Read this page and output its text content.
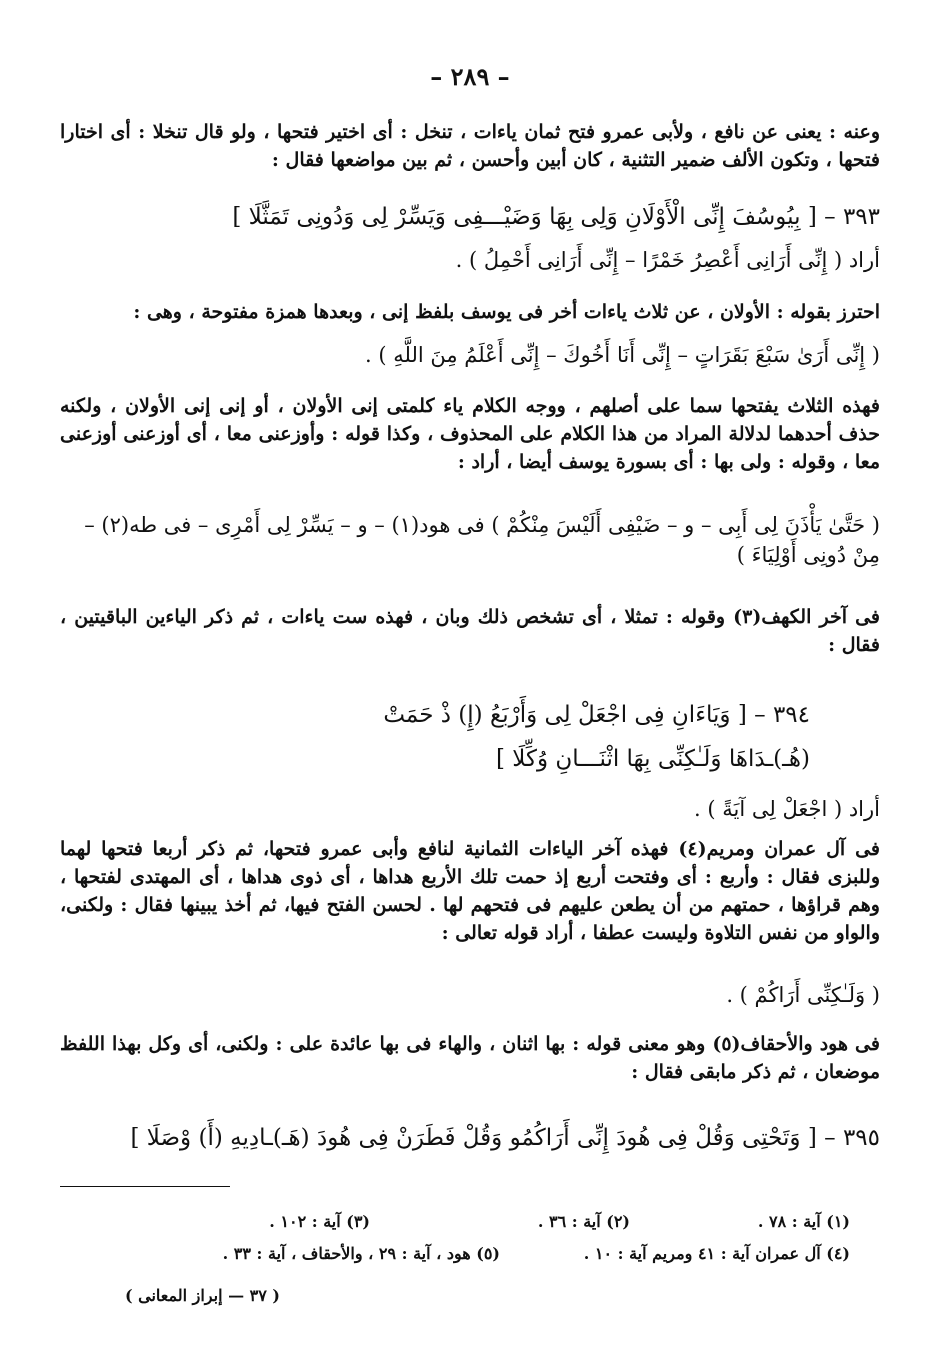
– ٢٨٩ –

وعنه : يعنى عن نافع ، ولأبى عمرو فتح ثمان ياءات ، تنخل : أى اختير فتحها ، ولو قال تنخلا : أى اختارا فتحها ، وتكون الألف ضمير التثنية ، كان أبين وأحسن ، ثم بين مواضعها فقال :

٣٩٣ – [ بِيُوسُفَ إِنِّى الْأَوْلَانِ وَلِى بِهَا وَضَيْـــفِى وَيَسِّرْ لِى وَدُونِى تَمَثَّلَا ]

أراد ( إِنِّى أَرَانِى أَعْصِرُ خَمْرًا – إِنِّى أَرَانِى أَحْمِلُ ) .

احترز بقوله : الأولان ، عن ثلاث ياءات أخر فى يوسف بلفظ إنى ، وبعدها همزة مفتوحة ، وهى :

( إِنِّى أَرَىٰ سَبْعَ بَقَرَاتٍ – إِنِّى أَنَا أَخُوكَ – إِنِّى أَعْلَمُ مِنَ اللَّهِ ) .

فهذه الثلاث يفتحها سما على أصلهم ، ووجه الكلام ياء كلمتى إنى الأولان ، أو إنى إنى الأولان ، ولكنه حذف أحدهما لدلالة المراد من هذا الكلام على المحذوف ، وكذا قوله : وأوزعنى معا ، أى أوزعنى أوزعنى معا ، وقوله : ولى بها : أى بسورة يوسف أيضا ، أراد :

( حَتَّىٰ يَأْذَنَ لِى أَبِى – و – ضَيْفِى أَلَيْسَ مِنْكُمْ ) فى هود(١) – و – يَسِّرْ لِى أَمْرِى – فى طه(٢) – مِنْ دُونِى أَوْلِيَاءَ )

فى آخر الكهف(٣) وقوله : تمثلا ، أى تشخص ذلك وبان ، فهذه ست ياءات ، ثم ذكر الياءين الباقيتين ، فقال :

٣٩٤ – [ وَيَاءَانِ فِى اجْعَلْ لِى وَأَرْبَعُ (إِ) ذْ حَمَتْ

(هُـ)ـدَاهَا وَلَـٰكِنِّى بِهَا اثْنَـــانِ وُكِّلَا ]

أراد ( اجْعَلْ لِى آيَةً ) .

فى آل عمران ومريم(٤) فهذه آخر الياءات الثمانية لنافع وأبى عمرو فتحها، ثم ذكر أربعا فتحها لهما وللبزى فقال : وأربع : أى وفتحت أربع إذ حمت تلك الأربع هداها ، أى ذوى هداها ، أى المهتدى لفتحها ، وهم قراؤها ، حمتهم من أن يطعن عليهم فى فتحهم لها . لحسن الفتح فيها، ثم أخذ يبينها فقال : ولكنى، والواو من نفس التلاوة وليست عطفا ، أراد قوله تعالى :

( وَلَـٰكِنِّى أَرَاكُمْ ) .

فى هود والأحقاف(٥) وهو معنى قوله : بها اثنان ، والهاء فى بها عائدة على : ولكنى، أى وكل بهذا اللفظ موضعان ، ثم ذكر مابقى فقال :

٣٩٥ – [ وَتَحْتِى وَقُلْ فِى هُودَ إِنِّى أَرَاكُمُو وَقُلْ فَطَرَنْ فِى هُودَ (هَـ)ـادِيهِ (أَ) وْصَلَا ]

(١) آية : ٧٨ .
(٢) آية : ٣٦ .
(٣) آية : ١٠٢ .
(٤) آل عمران آية : ٤١ ومريم آية : ١٠ .
(٥) هود ، آية : ٢٩ ، والأحقاف ، آية : ٣٣ .
( ٣٧ — إبراز المعانى )
